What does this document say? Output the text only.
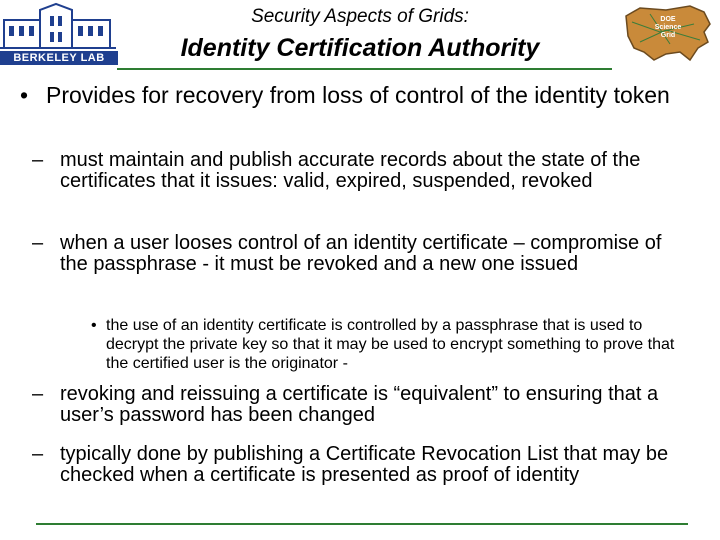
BERKELEY LAB
Security Aspects of Grids:
Identity Certification Authority
DOE
Science
Grid
• Provides for recovery from loss of control of the identity token
– must maintain and publish accurate records about the state of the certificates that it issues: valid, expired, suspended, revoked
– when a user looses control of an identity certificate – compromise of the passphrase - it must be revoked and a new one issued
• the use of an identity certificate is controlled by a passphrase that is used to decrypt the private key so that it may be used to encrypt something to prove that the certified user is the originator -
– revoking and reissuing a certificate is “equivalent” to ensuring that a user’s password has been changed
– typically done by publishing a Certificate Revocation List that may be checked when a certificate is presented as proof of identity
